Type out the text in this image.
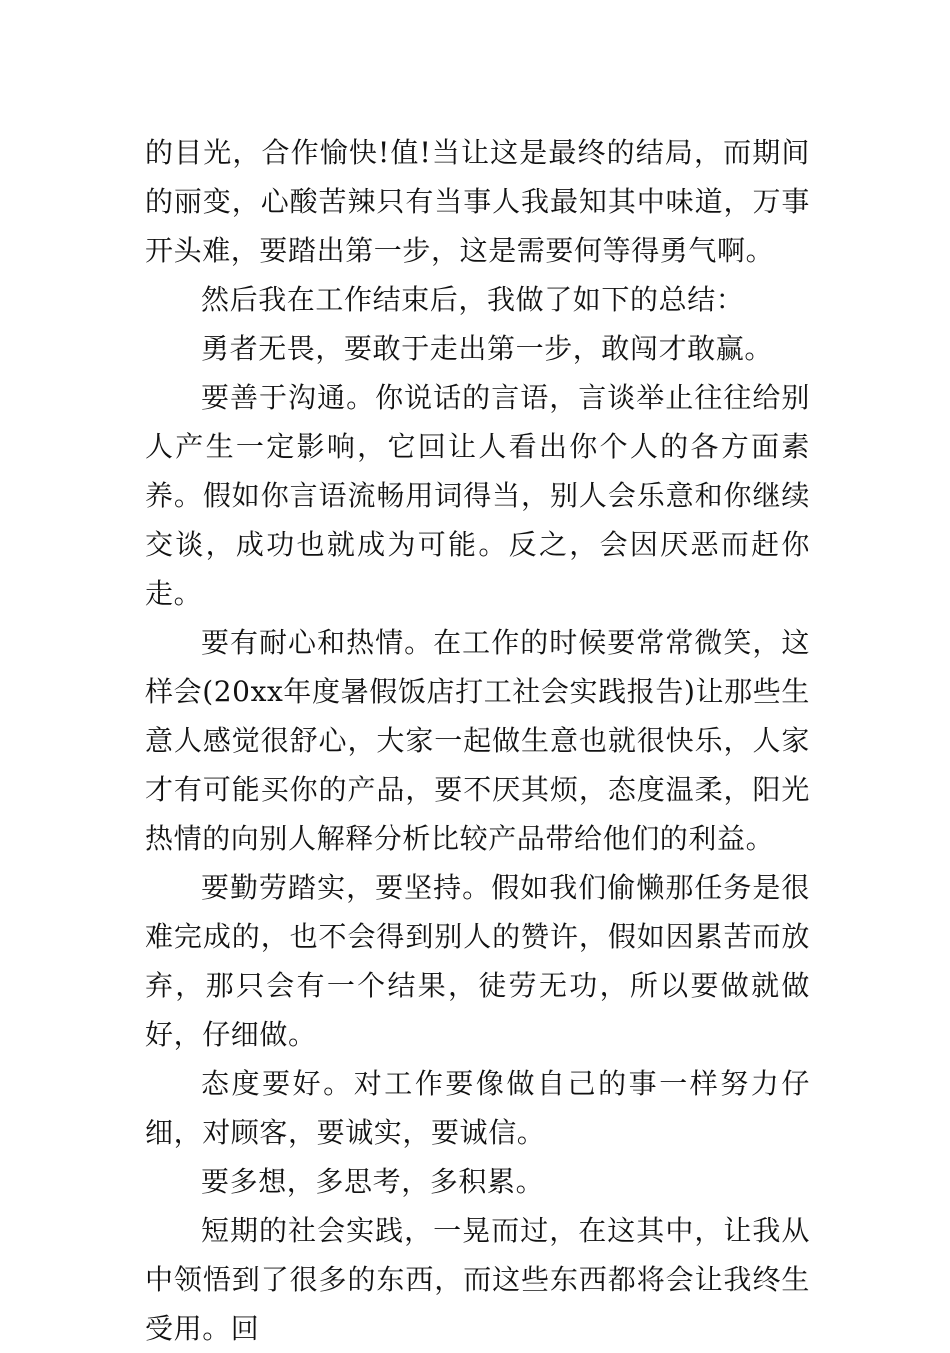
的目光，合作愉快!值!当让这是最终的结局，而期间的丽变，心酸苦辣只有当事人我最知其中味道，万事开头难，要踏出第一步，这是需要何等得勇气啊。

然后我在工作结束后，我做了如下的总结：

勇者无畏，要敢于走出第一步，敢闯才敢赢。

要善于沟通。你说话的言语，言谈举止往往给别人产生一定影响，它回让人看出你个人的各方面素养。假如你言语流畅用词得当，别人会乐意和你继续交谈，成功也就成为可能。反之，会因厌恶而赶你走。

要有耐心和热情。在工作的时候要常常微笑，这样会(20xx年度暑假饭店打工社会实践报告)让那些生意人感觉很舒心，大家一起做生意也就很快乐，人家才有可能买你的产品，要不厌其烦，态度温柔，阳光热情的向别人解释分析比较产品带给他们的利益。

要勤劳踏实，要坚持。假如我们偷懒那任务是很难完成的，也不会得到别人的赞许，假如因累苦而放弃，那只会有一个结果，徒劳无功，所以要做就做好，仔细做。

态度要好。对工作要像做自己的事一样努力仔细，对顾客，要诚实，要诚信。

要多想，多思考，多积累。

短期的社会实践，一晃而过，在这其中，让我从中领悟到了很多的东西，而这些东西都将会让我终生受用。回
